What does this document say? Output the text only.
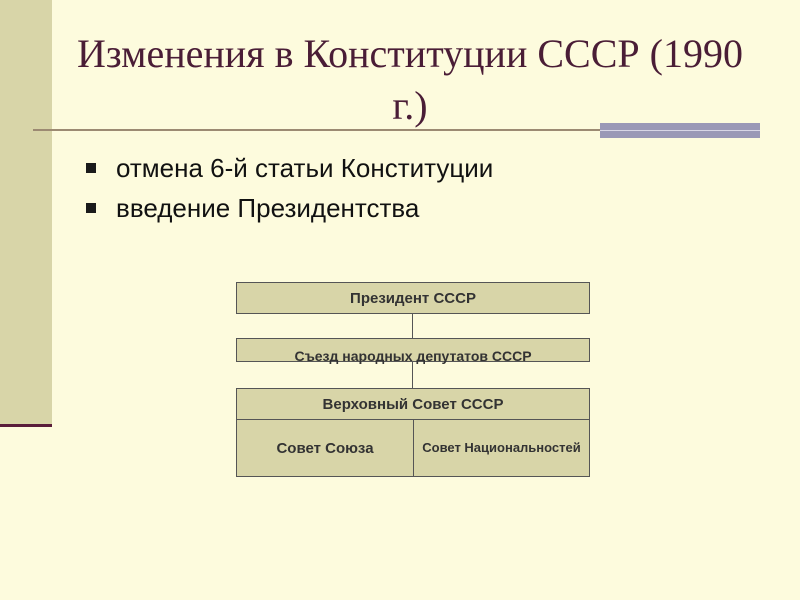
Изменения в Конституции СССР (1990 г.)
отмена 6-й статьи Конституции
введение Президентства
Президент СССР
Съезд народных депутатов СССР
Верховный Совет СССР
Совет Союза	Совет Национальностей
